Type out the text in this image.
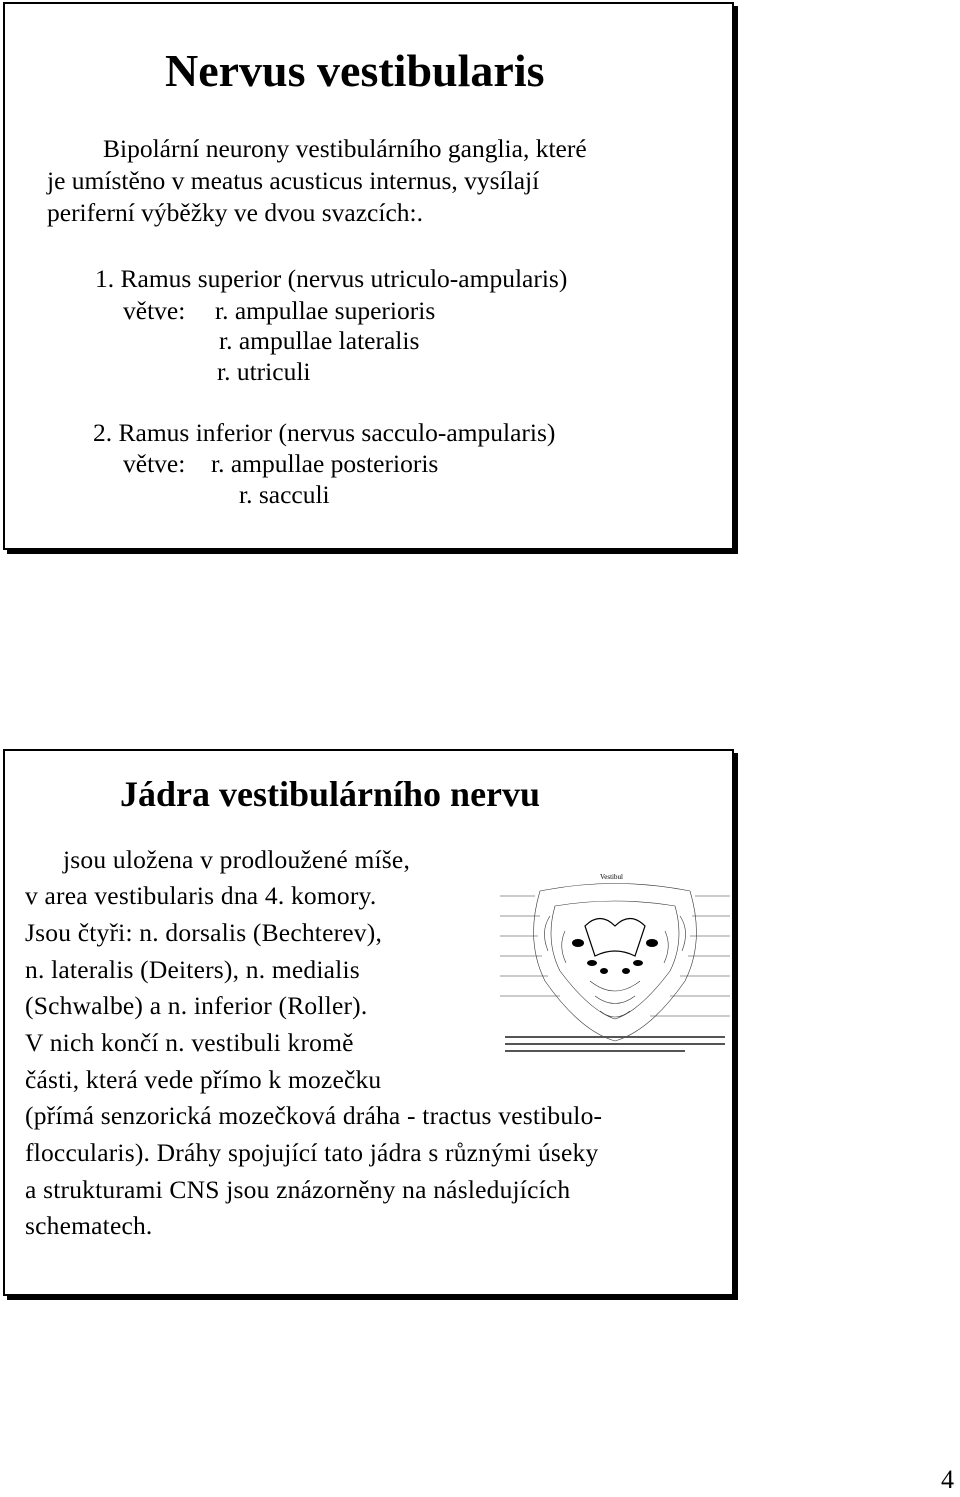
Nervus vestibularis
Bipolární neurony vestibulárního ganglia, které
je umístěno v meatus acusticus internus, vysílají
periferní výběžky ve dvou svazcích:.
1. Ramus superior (nervus utriculo-ampularis)
větve: r. ampullae superioris
r. ampullae lateralis
r. utriculi
2. Ramus inferior (nervus sacculo-ampularis)
větve: r. ampullae posterioris
r. sacculi
Jádra vestibulárního nervu
jsou uložena v prodloužené míše,
v area vestibularis dna 4. komory.
Jsou čtyři: n. dorsalis (Bechterev),
n. lateralis (Deiters), n. medialis
(Schwalbe) a n. inferior (Roller).
V nich končí n. vestibuli kromě
části, která vede přímo k mozečku
(přímá senzorická mozečková dráha - tractus vestibulo-
floccularis). Dráhy spojující tato jádra s různými úseky
a strukturami CNS jsou znázorněny na následujících
schematech.
Vestibul
4
